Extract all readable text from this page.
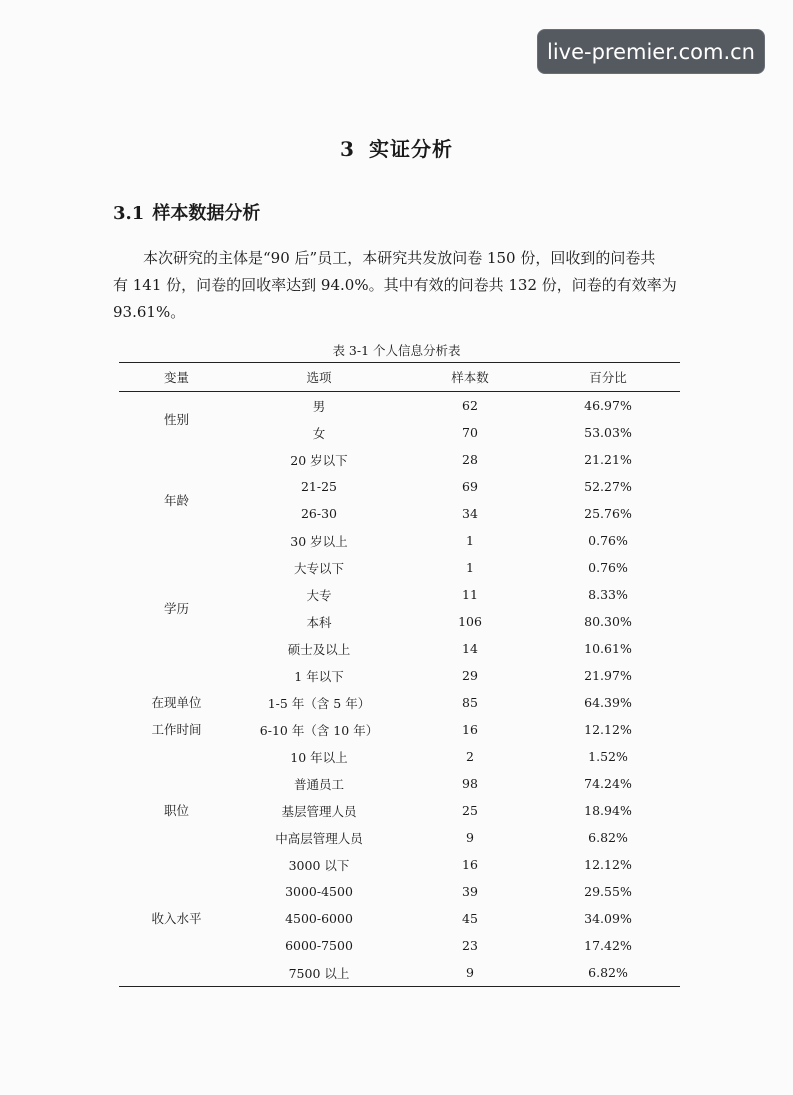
live-premier.com.cn
3 实证分析
3.1 样本数据分析

本次研究的主体是“90 后”员工，本研究共发放问卷 150 份，回收到的问卷共
有 141 份，问卷的回收率达到 94.0%。其中有效的问卷共 132 份，问卷的有效率为
93.61%。

表 3-1 个人信息分析表
变量	选项	样本数	百分比

性别	男	62	46.97%
	女	70	53.03%

年龄	20 岁以下	28	21.21%
	21-25	69	52.27%
	26-30	34	25.76%
	30 岁以上	1	0.76%

学历	大专以下	1	0.76%
	大专	11	8.33%
	本科	106	80.30%
	硕士及以上	14	10.61%

在现单位
工作时间	1 年以下	29	21.97%
	1-5 年（含 5 年）	85	64.39%
	6-10 年（含 10 年）	16	12.12%
	10 年以上	2	1.52%

职位	普通员工	98	74.24%
	基层管理人员	25	18.94%
	中高层管理人员	9	6.82%

收入水平	3000 以下	16	12.12%
	3000-4500	39	29.55%
	4500-6000	45	34.09%
	6000-7500	23	17.42%
	7500 以上	9	6.82%
